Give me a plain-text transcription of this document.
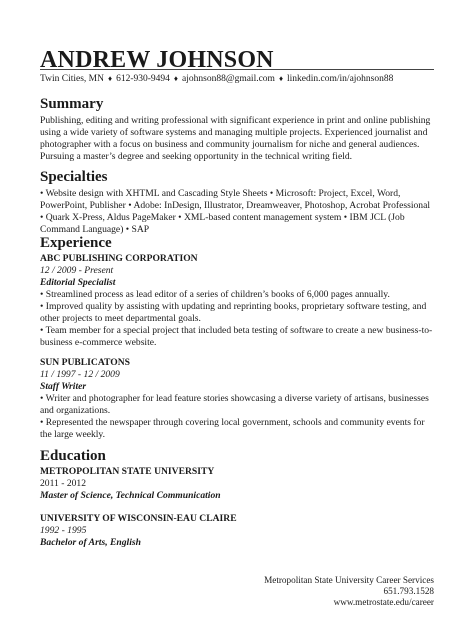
ANDREW JOHNSON
Twin Cities, MN ♦ 612-930-9494 ♦ ajohnson88@gmail.com ♦ linkedin.com/in/ajohnson88
Summary
Publishing, editing and writing professional with significant experience in print and online publishing using a wide variety of software systems and managing multiple projects. Experienced journalist and photographer with a focus on business and community journalism for niche and general audiences. Pursuing a master’s degree and seeking opportunity in the technical writing field.
Specialties
• Website design with XHTML and Cascading Style Sheets • Microsoft: Project, Excel, Word, PowerPoint, Publisher • Adobe: InDesign, Illustrator, Dreamweaver, Photoshop, Acrobat Professional • Quark X-Press, Aldus PageMaker • XML-based content management system • IBM JCL (Job Command Language) • SAP
Experience
ABC PUBLISHING CORPORATION
12 / 2009 - Present
Editorial Specialist
• Streamlined process as lead editor of a series of children’s books of 6,000 pages annually.
• Improved quality by assisting with updating and reprinting books, proprietary software testing, and other projects to meet departmental goals.
• Team member for a special project that included beta testing of software to create a new business-to-business e-commerce website.
SUN PUBLICATONS
11 / 1997 - 12 / 2009
Staff Writer
• Writer and photographer for lead feature stories showcasing a diverse variety of artisans, businesses and organizations.
• Represented the newspaper through covering local government, schools and community events for the large weekly.
Education
METROPOLITAN STATE UNIVERSITY
2011 - 2012
Master of Science, Technical Communication
UNIVERSITY OF WISCONSIN-EAU CLAIRE
1992 - 1995
Bachelor of Arts, English
Metropolitan State University Career Services
651.793.1528
www.metrostate.edu/career
